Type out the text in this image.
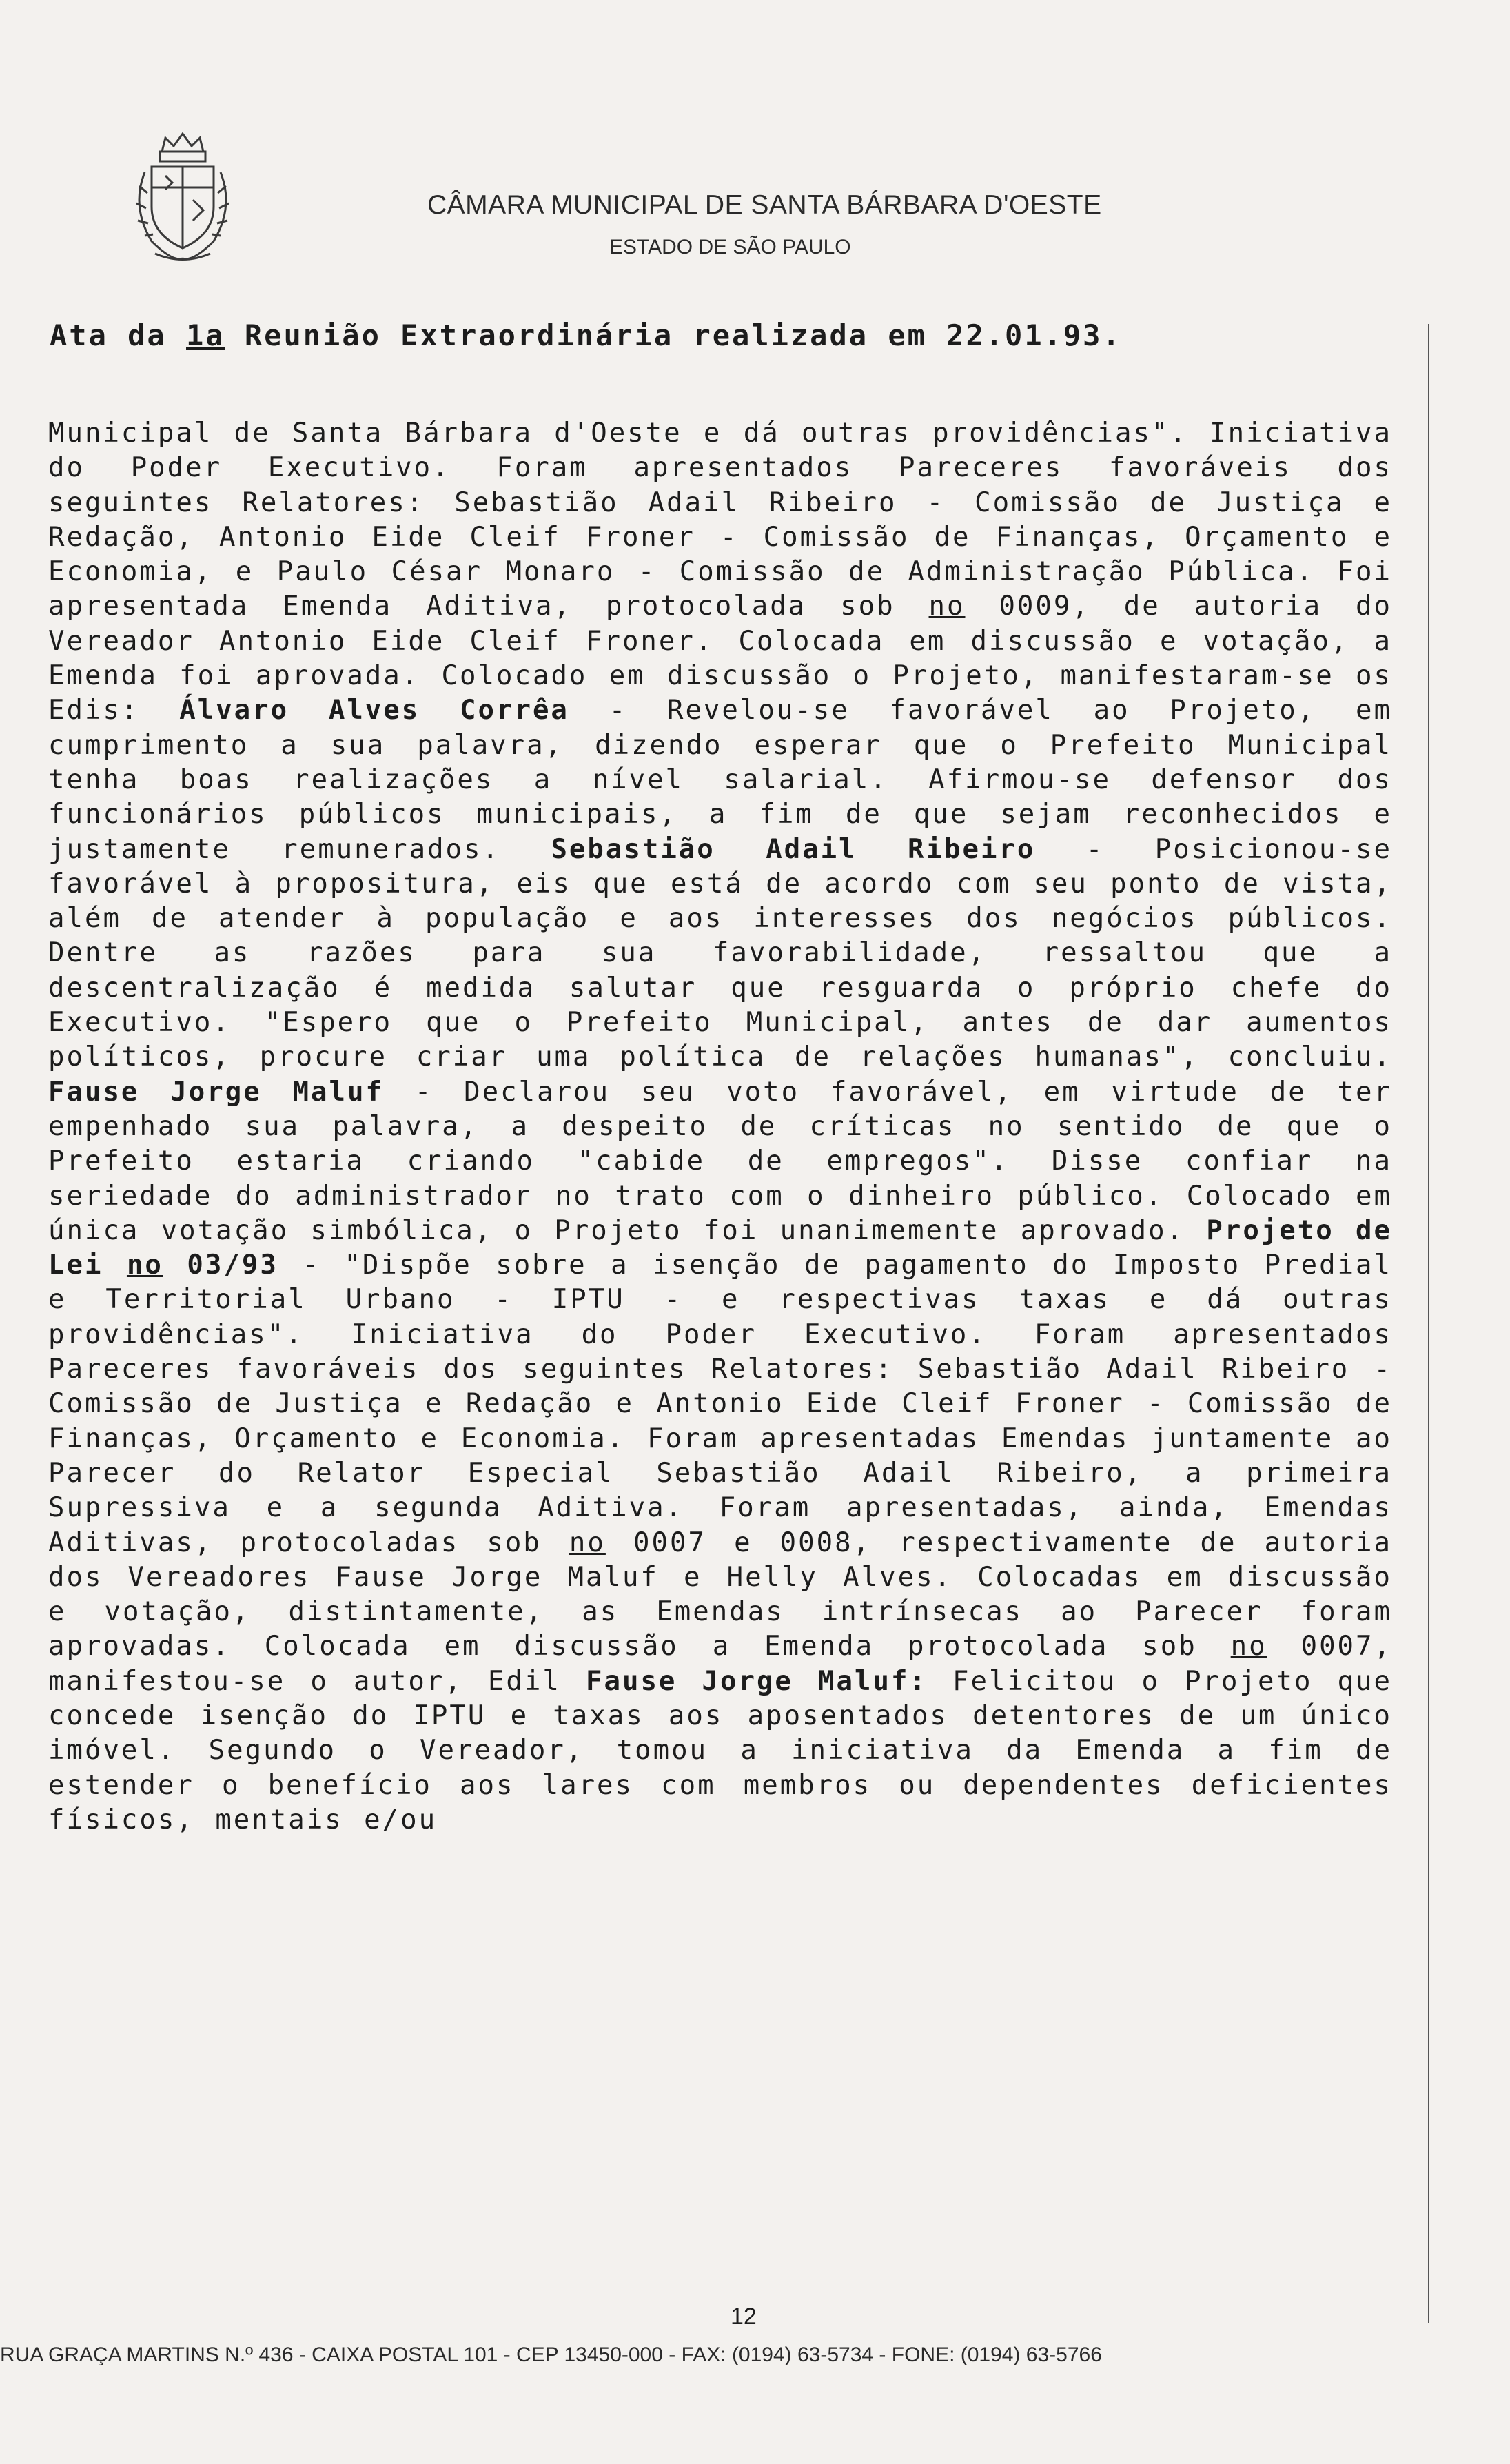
CÂMARA MUNICIPAL DE SANTA BÁRBARA D'OESTE
ESTADO DE SÃO PAULO
Ata da 1a Reunião Extraordinária realizada em 22.01.93.
Municipal de Santa Bárbara d'Oeste e dá outras providências". Iniciativa do Poder Executivo. Foram apresentados Pareceres favoráveis dos seguintes Relatores: Sebastião Adail Ribeiro - Comissão de Justiça e Redação, Antonio Eide Cleif Froner - Comissão de Finanças, Orçamento e Economia, e Paulo César Monaro - Comissão de Administração Pública. Foi apresentada Emenda Aditiva, protocolada sob no 0009, de autoria do Vereador Antonio Eide Cleif Froner. Colocada em discussão e votação, a Emenda foi aprovada. Colocado em discussão o Projeto, manifestaram-se os Edis: Álvaro Alves Corrêa - Revelou-se favorável ao Projeto, em cumprimento a sua palavra, dizendo esperar que o Prefeito Municipal tenha boas realizações a nível salarial. Afirmou-se defensor dos funcionários públicos municipais, a fim de que sejam reconhecidos e justamente remunerados. Sebastião Adail Ribeiro - Posicionou-se favorável à propositura, eis que está de acordo com seu ponto de vista, além de atender à população e aos interesses dos negócios públicos. Dentre as razões para sua favorabilidade, ressaltou que a descentralização é medida salutar que resguarda o próprio chefe do Executivo. "Espero que o Prefeito Municipal, antes de dar aumentos políticos, procure criar uma política de relações humanas", concluiu. Fause Jorge Maluf - Declarou seu voto favorável, em virtude de ter empenhado sua palavra, a despeito de críticas no sentido de que o Prefeito estaria criando "cabide de empregos". Disse confiar na seriedade do administrador no trato com o dinheiro público. Colocado em única votação simbólica, o Projeto foi unanimemente aprovado. Projeto de Lei no 03/93 - "Dispõe sobre a isenção de pagamento do Imposto Predial e Territorial Urbano - IPTU - e respectivas taxas e dá outras providências". Iniciativa do Poder Executivo. Foram apresentados Pareceres favoráveis dos seguintes Relatores: Sebastião Adail Ribeiro - Comissão de Justiça e Redação e Antonio Eide Cleif Froner - Comissão de Finanças, Orçamento e Economia. Foram apresentadas Emendas juntamente ao Parecer do Relator Especial Sebastião Adail Ribeiro, a primeira Supressiva e a segunda Aditiva. Foram apresentadas, ainda, Emendas Aditivas, protocoladas sob no 0007 e 0008, respectivamente de autoria dos Vereadores Fause Jorge Maluf e Helly Alves. Colocadas em discussão e votação, distintamente, as Emendas intrínsecas ao Parecer foram aprovadas. Colocada em discussão a Emenda protocolada sob no 0007, manifestou-se o autor, Edil Fause Jorge Maluf: Felicitou o Projeto que concede isenção do IPTU e taxas aos aposentados detentores de um único imóvel. Segundo o Vereador, tomou a iniciativa da Emenda a fim de estender o benefício aos lares com membros ou dependentes deficientes físicos, mentais e/ou
12
RUA GRAÇA MARTINS N.º 436 - CAIXA POSTAL 101 - CEP 13450-000 - FAX: (0194) 63-5734 - FONE: (0194) 63-5766
